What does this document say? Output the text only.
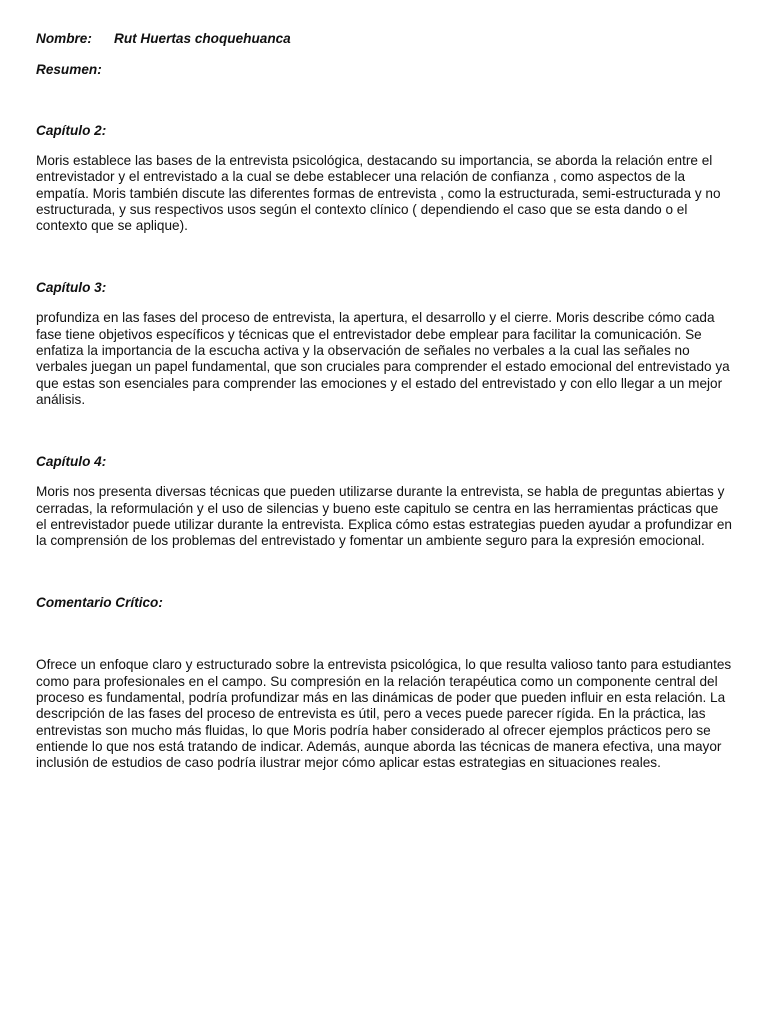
Nombre:	Rut Huertas choquehuanca

Resumen:

Capítulo 2:

Moris establece las bases de la entrevista psicológica, destacando su importancia, se aborda la relación entre el entrevistador y el entrevistado a la cual se debe establecer una relación de confianza , como aspectos de la empatía. Moris también discute las diferentes formas de entrevista , como la estructurada, semi-estructurada y no estructurada, y sus respectivos usos según el contexto clínico ( dependiendo el caso que se esta dando o el contexto que se aplique).

Capítulo 3:

profundiza en las fases del proceso de entrevista, la apertura, el desarrollo y el cierre. Moris describe cómo cada fase tiene objetivos específicos y técnicas que el entrevistador debe emplear para facilitar la comunicación. Se enfatiza la importancia de la escucha activa y la observación de señales no verbales a la cual las señales no verbales juegan un papel fundamental, que son cruciales para comprender el estado emocional del entrevistado ya que estas son esenciales para comprender las emociones y el estado del entrevistado y con ello llegar a un mejor análisis.

Capítulo 4:

Moris nos presenta diversas técnicas que pueden utilizarse durante la entrevista, se habla de preguntas abiertas y cerradas, la reformulación y el uso de silencias y bueno este capitulo se centra en las herramientas prácticas que el entrevistador puede utilizar durante la entrevista. Explica cómo estas estrategias pueden ayudar a profundizar en la comprensión de los problemas del entrevistado y fomentar un ambiente seguro para la expresión emocional.

Comentario Crítico:

Ofrece un enfoque claro y estructurado sobre la entrevista psicológica, lo que resulta valioso tanto para estudiantes como para profesionales en el campo. Su compresión en la relación terapéutica como un componente central del proceso es fundamental, podría profundizar más en las dinámicas de poder que pueden influir en esta relación. La descripción de las fases del proceso de entrevista es útil, pero a veces puede parecer rígida. En la práctica, las entrevistas son mucho más fluidas, lo que Moris podría haber considerado al ofrecer ejemplos prácticos pero se entiende lo que nos está tratando de indicar. Además, aunque aborda las técnicas de manera efectiva, una mayor inclusión de estudios de caso podría ilustrar mejor cómo aplicar estas estrategias en situaciones reales.
